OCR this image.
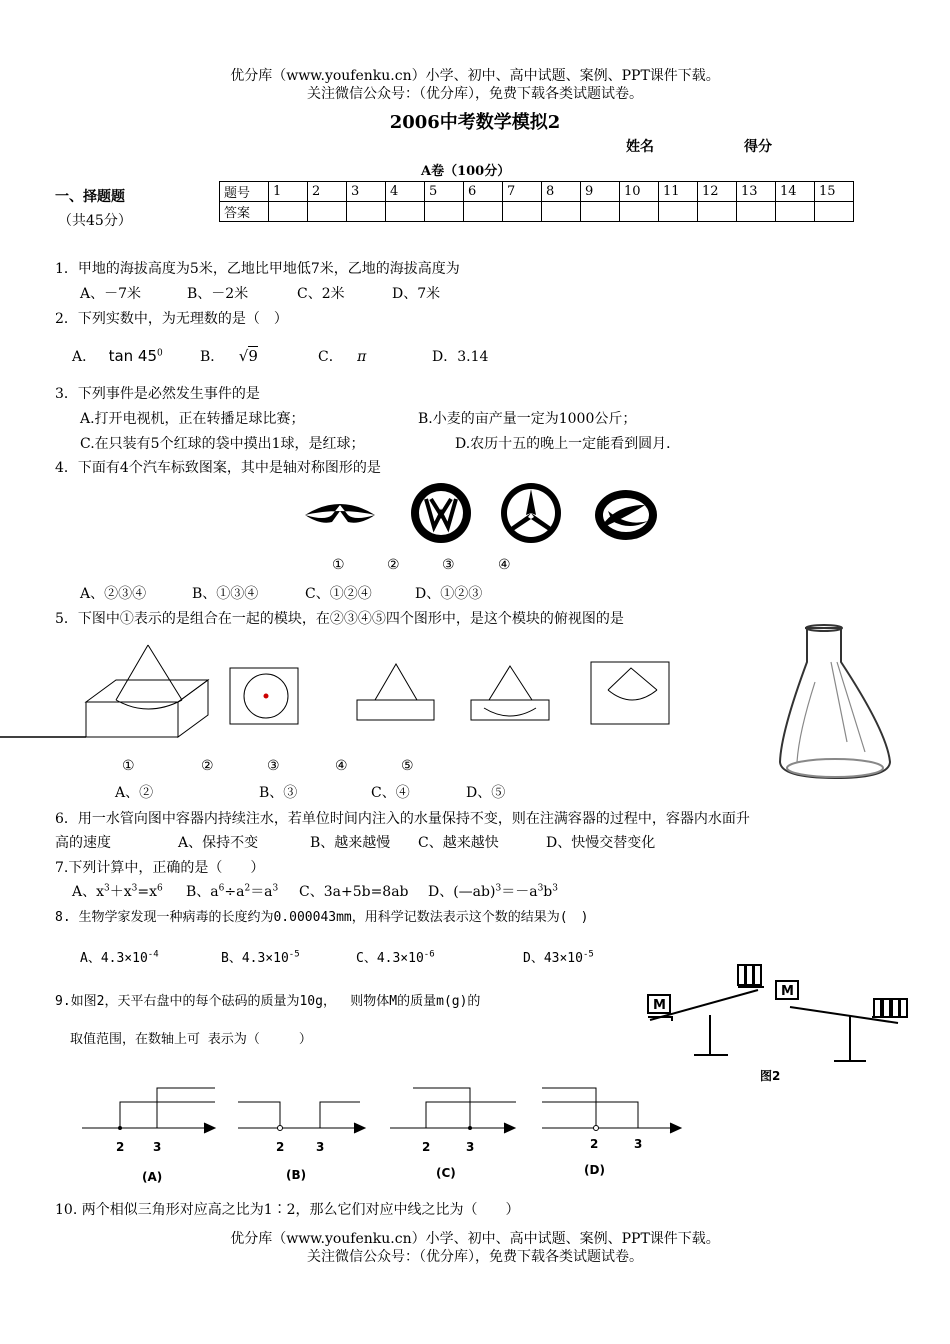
优分库（www.youfenku.cn）小学、初中、高中试题、案例、PPT课件下载。
关注微信公众号：（优分库），免费下载各类试题试卷。
2006中考数学模拟2
姓名	得分
A卷（100分）
一、择题题
（共45分）
题号	1	2	3	4	5	6	7	8	9	10	11	12	13	14	15
答案															
1．甲地的海拔高度为5米，乙地比甲地低7米，乙地的海拔高度为
A、－7米	B、－2米	C、2米	D、7米
2．下列实数中，为无理数的是（　）
A． $\tan 45^0$	B． √9	C． π	D．3.14
3．下列事件是必然发生事件的是
A.打开电视机，正在转播足球比赛；	B.小麦的亩产量一定为1000公斤；
C.在只装有5个红球的袋中摸出1球，是红球；	D.农历十五的晚上一定能看到圆月．
4．下面有4个汽车标致图案，其中是轴对称图形的是
①	②	③	④
A、②③④	B、①③④	C、①②④	D、①②③
5．下图中①表示的是组合在一起的模块，在②③④⑤四个图形中，是这个模块的俯视图的是
①	②	③	④	⑤
A、②	B、③	C、④	D、⑤
6．用一水管向图中容器内持续注水，若单位时间内注入的水量保持不变，则在注满容器的过程中，容器内水面升
高的速度	A、保持不变	B、越来越慢 C、越来越快	D、快慢交替变化
7.下列计算中，正确的是（　　）
A、$x^3+x^3=x^6$ B、$a^6\div a^2=a^3$ C、3a+5b=8ab D、$(—ab)^3=-a^3b^3$
8. 生物学家发现一种病毒的长度约为0.000043mm，用科学记数法表示这个数的结果为(　)
A、$4.3\times 10^{-4}$	B、$4.3\times 10^{-5}$	C、$4.3\times 10^{-6}$	D、$43\times 10^{-5}$
9.如图2，天平右盘中的每个砝码的质量为10g，　 则物体M的质量m(g)的
取值范围，在数轴上可 表示为（　　　）
M
M
图2
2 3
(A)
2	3
(B)
2	3
(C)
2	3
(D)
10. 两个相似三角形对应高之比为1∶2，那么它们对应中线之比为（　　）
优分库（www.youfenku.cn）小学、初中、高中试题、案例、PPT课件下载。
关注微信公众号：（优分库），免费下载各类试题试卷。
